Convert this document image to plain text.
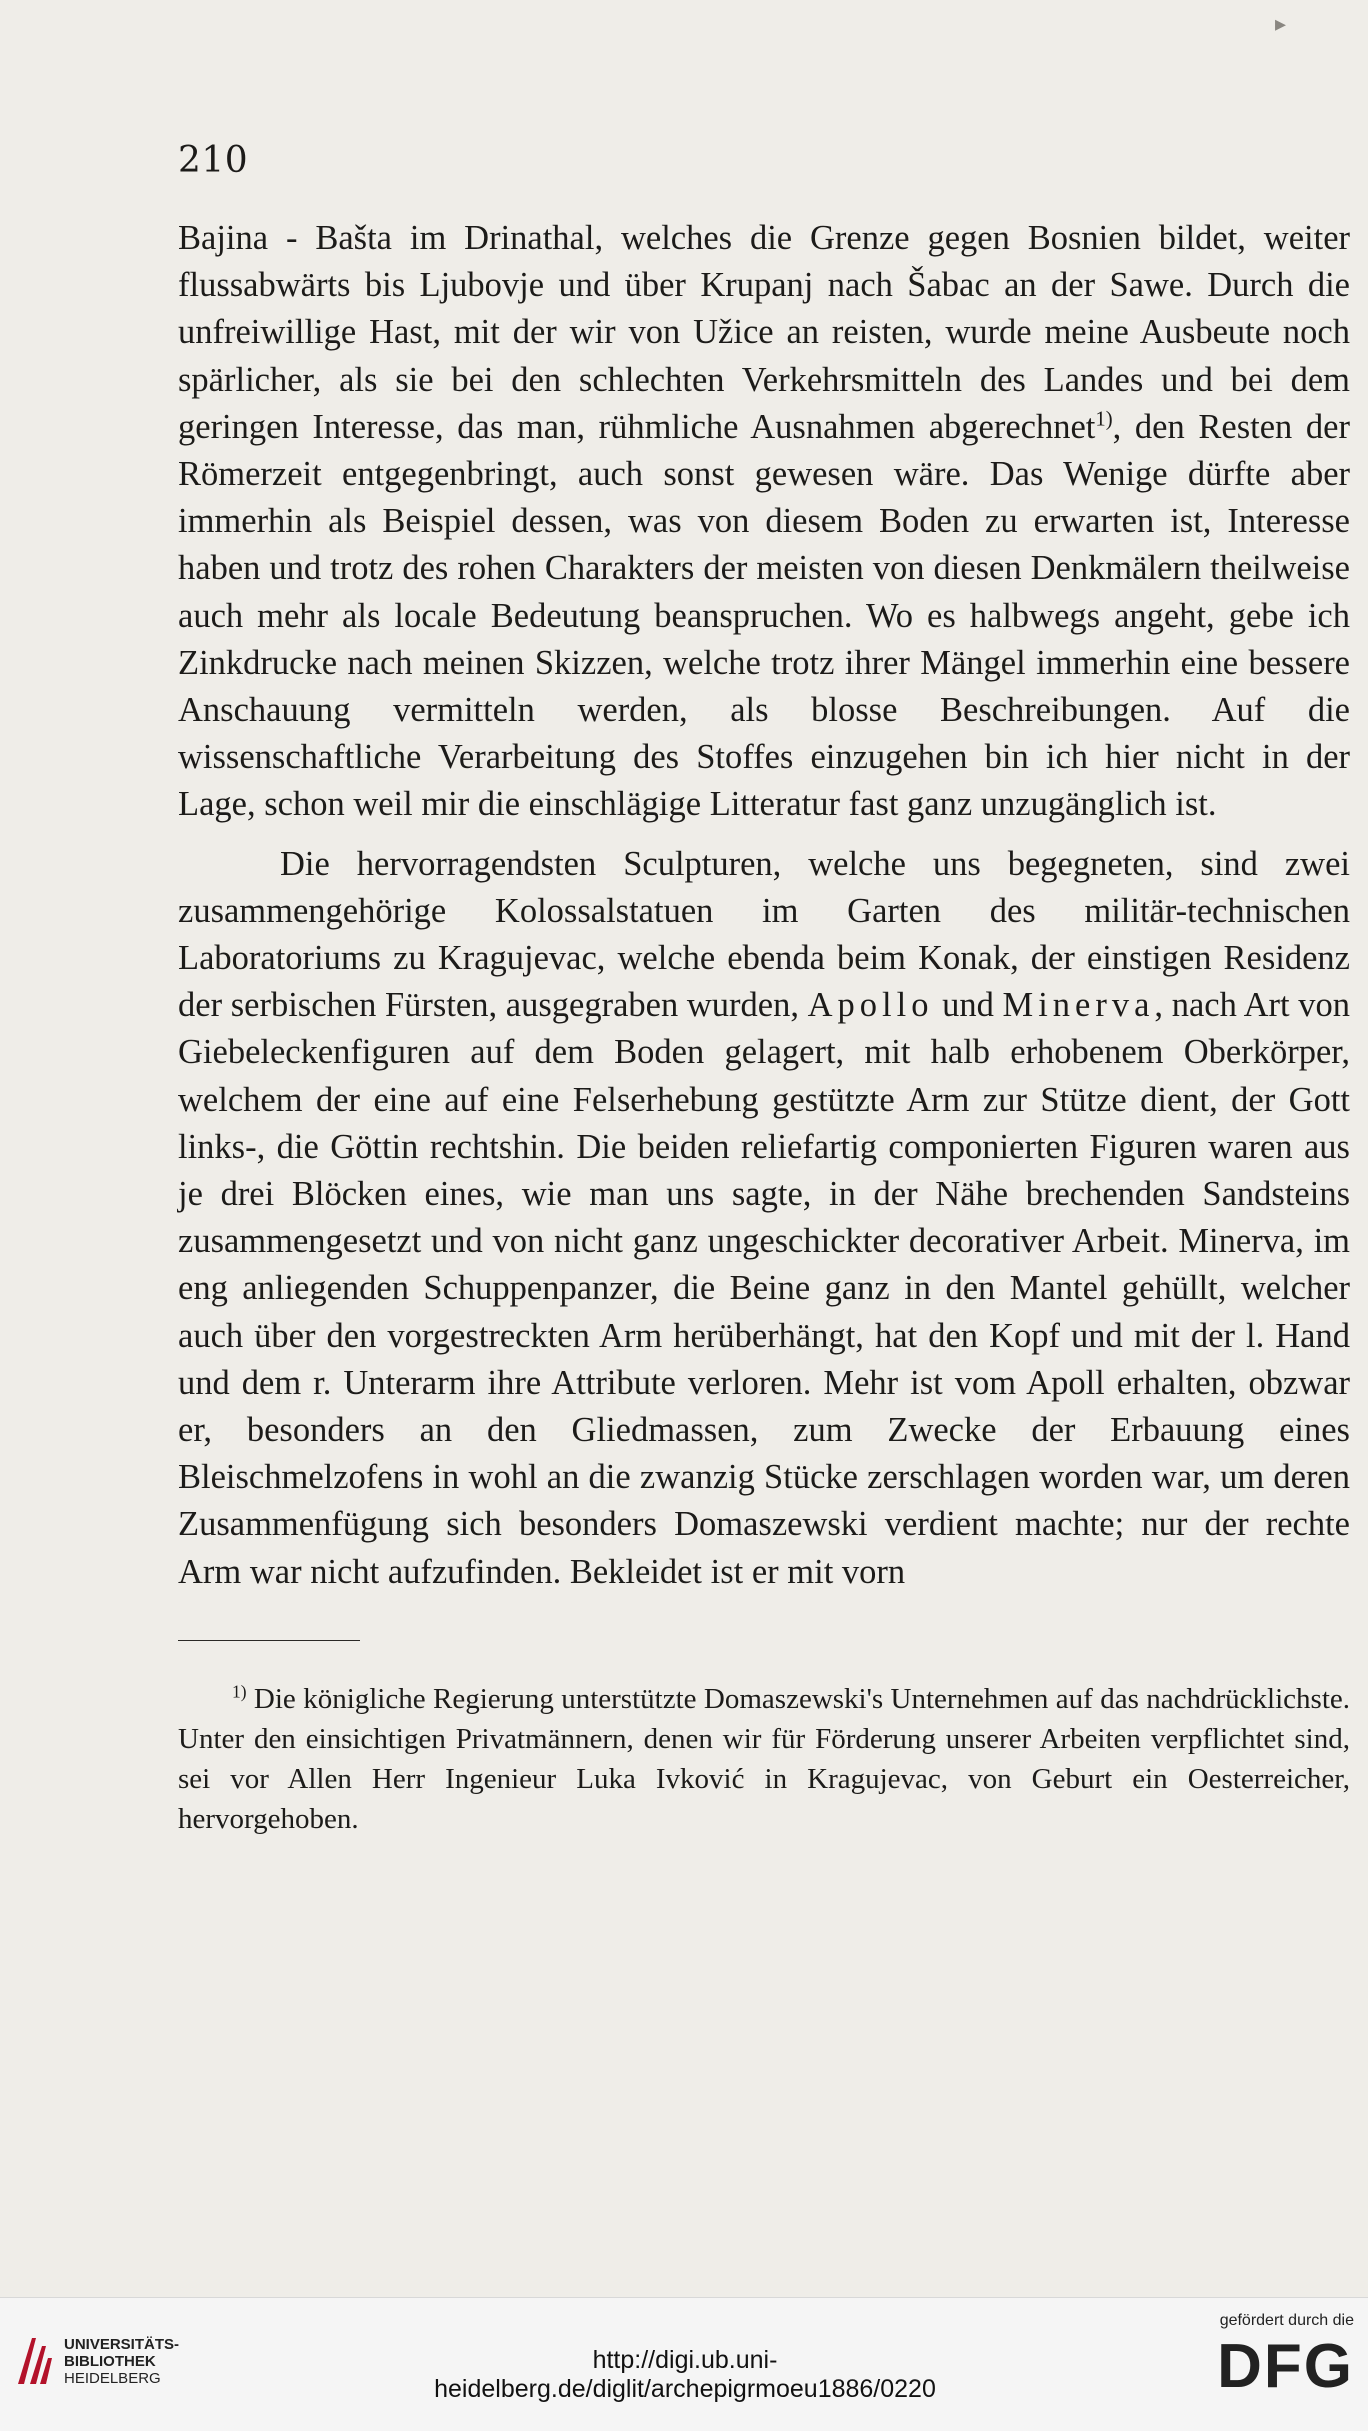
▸
210

Bajina - Bašta im Drinathal, welches die Grenze gegen Bosnien bildet, weiter flussabwärts bis Ljubovje und über Krupanj nach Šabac an der Sawe. Durch die unfreiwillige Hast, mit der wir von Užice an reisten, wurde meine Ausbeute noch spärlicher, als sie bei den schlechten Verkehrsmitteln des Landes und bei dem geringen Interesse, das man, rühmliche Ausnahmen abgerechnet$^{1)}$, den Resten der Römerzeit entgegenbringt, auch sonst gewesen wäre. Das Wenige dürfte aber immerhin als Beispiel dessen, was von diesem Boden zu erwarten ist, Interesse haben und trotz des rohen Charakters der meisten von diesen Denkmälern theilweise auch mehr als locale Bedeutung beanspruchen. Wo es halbwegs angeht, gebe ich Zinkdrucke nach meinen Skizzen, welche trotz ihrer Mängel immerhin eine bessere Anschauung vermitteln werden, als blosse Beschreibungen. Auf die wissenschaftliche Verarbeitung des Stoffes einzugehen bin ich hier nicht in der Lage, schon weil mir die einschlägige Litteratur fast ganz unzugänglich ist.

Die hervorragendsten Sculpturen, welche uns begegneten, sind zwei zusammengehörige Kolossalstatuen im Garten des militär-technischen Laboratoriums zu Kragujevac, welche ebenda beim Konak, der einstigen Residenz der serbischen Fürsten, ausgegraben wurden, Apollo und Minerva, nach Art von Giebeleckenfiguren auf dem Boden gelagert, mit halb erhobenem Oberkörper, welchem der eine auf eine Felserhebung gestützte Arm zur Stütze dient, der Gott links-, die Göttin rechtshin. Die beiden reliefartig componierten Figuren waren aus je drei Blöcken eines, wie man uns sagte, in der Nähe brechenden Sandsteins zusammengesetzt und von nicht ganz ungeschickter decorativer Arbeit. Minerva, im eng anliegenden Schuppenpanzer, die Beine ganz in den Mantel gehüllt, welcher auch über den vorgestreckten Arm herüberhängt, hat den Kopf und mit der l. Hand und dem r. Unterarm ihre Attribute verloren. Mehr ist vom Apoll erhalten, obzwar er, besonders an den Gliedmassen, zum Zwecke der Erbauung eines Bleischmelzofens in wohl an die zwanzig Stücke zerschlagen worden war, um deren Zusammenfügung sich besonders Domaszewski verdient machte; nur der rechte Arm war nicht aufzufinden. Bekleidet ist er mit vorn

$^{1)}$ Die königliche Regierung unterstützte Domaszewski's Unternehmen auf das nachdrücklichste. Unter den einsichtigen Privatmännern, denen wir für Förderung unserer Arbeiten verpflichtet sind, sei vor Allen Herr Ingenieur Luka Ivković in Kragujevac, von Geburt ein Oesterreicher, hervorgehoben.

UNIVERSITÄTS-
BIBLIOTHEK
HEIDELBERG
http://digi.ub.uni-heidelberg.de/diglit/archepigrmoeu1886/0220
gefördert durch die
DFG
